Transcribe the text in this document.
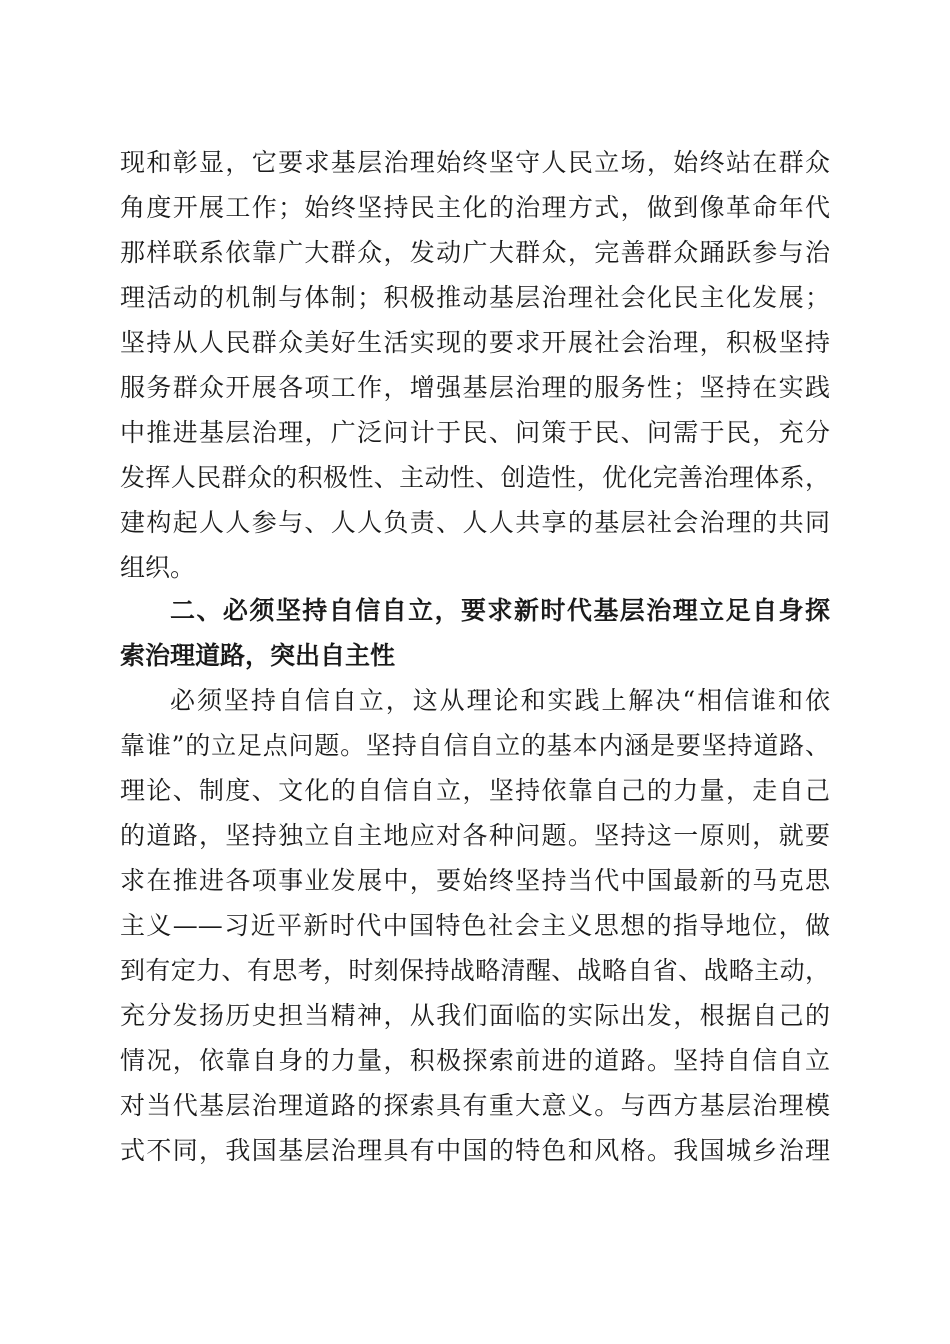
现和彰显，它要求基层治理始终坚守人民立场，始终站在群众
角度开展工作；始终坚持民主化的治理方式，做到像革命年代
那样联系依靠广大群众，发动广大群众，完善群众踊跃参与治
理活动的机制与体制；积极推动基层治理社会化民主化发展；
坚持从人民群众美好生活实现的要求开展社会治理，积极坚持
服务群众开展各项工作，增强基层治理的服务性；坚持在实践
中推进基层治理，广泛问计于民、问策于民、问需于民，充分
发挥人民群众的积极性、主动性、创造性，优化完善治理体系，
建构起人人参与、人人负责、人人共享的基层社会治理的共同
组织。
二、必须坚持自信自立，要求新时代基层治理立足自身探
索治理道路，突出自主性
必须坚持自信自立，这从理论和实践上解决“相信谁和依
靠谁”的立足点问题。坚持自信自立的基本内涵是要坚持道路、
理论、制度、文化的自信自立，坚持依靠自己的力量，走自己
的道路，坚持独立自主地应对各种问题。坚持这一原则，就要
求在推进各项事业发展中，要始终坚持当代中国最新的马克思
主义——习近平新时代中国特色社会主义思想的指导地位，做
到有定力、有思考，时刻保持战略清醒、战略自省、战略主动，
充分发扬历史担当精神，从我们面临的实际出发，根据自己的
情况，依靠自身的力量，积极探索前进的道路。坚持自信自立
对当代基层治理道路的探索具有重大意义。与西方基层治理模
式不同，我国基层治理具有中国的特色和风格。我国城乡治理
